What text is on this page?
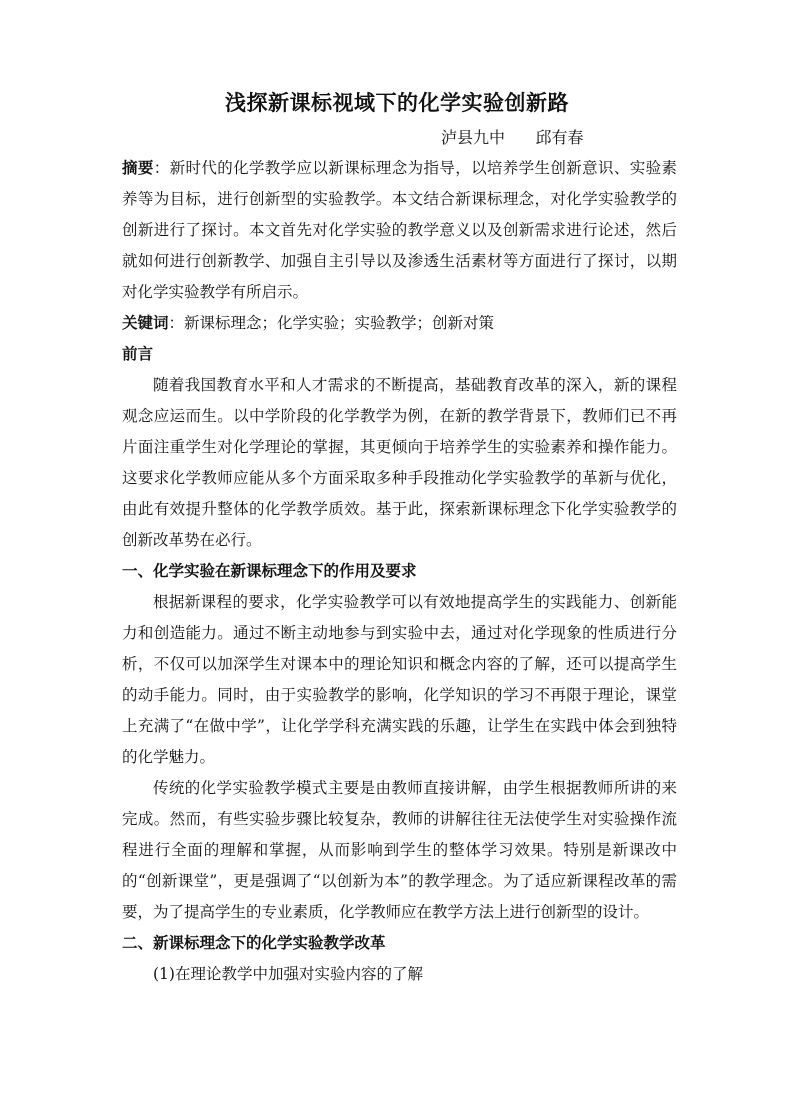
浅探新课标视域下的化学实验创新路
泸县九中      邱有春

摘要：新时代的化学教学应以新课标理念为指导，以培养学生创新意识、实验素养等为目标，进行创新型的实验教学。本文结合新课标理念，对化学实验教学的创新进行了探讨。本文首先对化学实验的教学意义以及创新需求进行论述，然后就如何进行创新教学、加强自主引导以及渗透生活素材等方面进行了探讨，以期对化学实验教学有所启示。

关键词：新课标理念；化学实验；实验教学；创新对策

前言

随着我国教育水平和人才需求的不断提高，基础教育改革的深入，新的课程观念应运而生。以中学阶段的化学教学为例，在新的教学背景下，教师们已不再片面注重学生对化学理论的掌握，其更倾向于培养学生的实验素养和操作能力。这要求化学教师应能从多个方面采取多种手段推动化学实验教学的革新与优化，由此有效提升整体的化学教学质效。基于此，探索新课标理念下化学实验教学的创新改革势在必行。

一、化学实验在新课标理念下的作用及要求

根据新课程的要求，化学实验教学可以有效地提高学生的实践能力、创新能力和创造能力。通过不断主动地参与到实验中去，通过对化学现象的性质进行分析，不仅可以加深学生对课本中的理论知识和概念内容的了解，还可以提高学生的动手能力。同时，由于实验教学的影响，化学知识的学习不再限于理论，课堂上充满了“在做中学”，让化学学科充满实践的乐趣，让学生在实践中体会到独特的化学魅力。

传统的化学实验教学模式主要是由教师直接讲解，由学生根据教师所讲的来完成。然而，有些实验步骤比较复杂，教师的讲解往往无法使学生对实验操作流程进行全面的理解和掌握，从而影响到学生的整体学习效果。特别是新课改中的“创新课堂”，更是强调了“以创新为本”的教学理念。为了适应新课程改革的需要，为了提高学生的专业素质，化学教师应在教学方法上进行创新型的设计。

二、新课标理念下的化学实验教学改革

(1)在理论教学中加强对实验内容的了解
